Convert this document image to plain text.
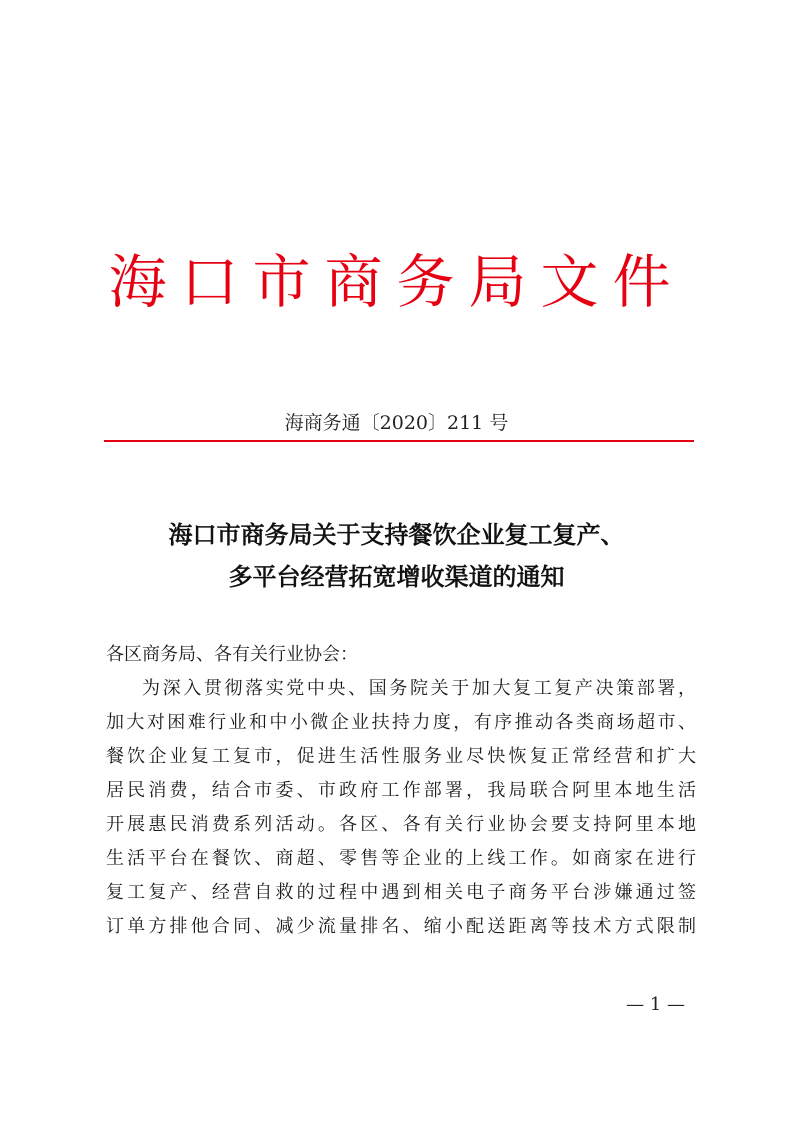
海口市商务局文件
海商务通〔2020〕211 号
海口市商务局关于支持餐饮企业复工复产、
多平台经营拓宽增收渠道的通知
各区商务局、各有关行业协会：
为深入贯彻落实党中央、国务院关于加大复工复产决策部署，
加大对困难行业和中小微企业扶持力度，有序推动各类商场超市、
餐饮企业复工复市，促进生活性服务业尽快恢复正常经营和扩大
居民消费，结合市委、市政府工作部署，我局联合阿里本地生活
开展惠民消费系列活动。各区、各有关行业协会要支持阿里本地
生活平台在餐饮、商超、零售等企业的上线工作。如商家在进行
复工复产、经营自救的过程中遇到相关电子商务平台涉嫌通过签
订单方排他合同、减少流量排名、缩小配送距离等技术方式限制
— 1 —
